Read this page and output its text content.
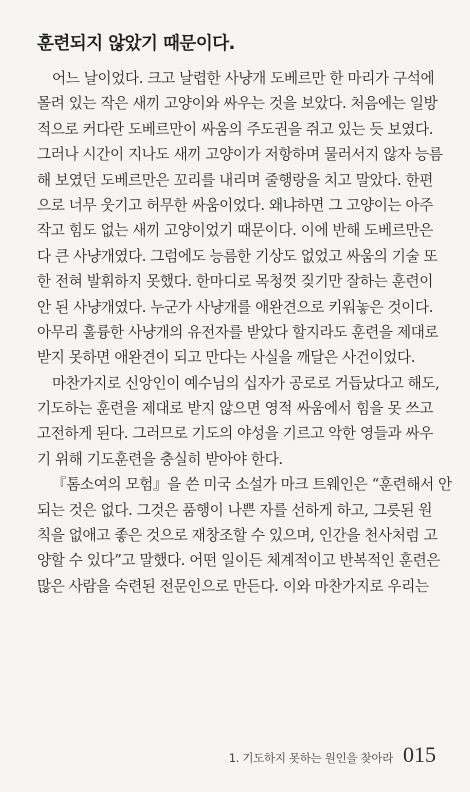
훈련되지 않았기 때문이다.
어느 날이었다. 크고 날렵한 사냥개 도베르만 한 마리가 구석에
몰려 있는 작은 새끼 고양이와 싸우는 것을 보았다. 처음에는 일방
적으로 커다란 도베르만이 싸움의 주도권을 쥐고 있는 듯 보였다.
그러나 시간이 지나도 새끼 고양이가 저항하며 물러서지 않자 능름
해 보였던 도베르만은 꼬리를 내리며 줄행랑을 치고 말았다. 한편
으로 너무 웃기고 허무한 싸움이었다. 왜냐하면 그 고양이는 아주
작고 힘도 없는 새끼 고양이었기 때문이다. 이에 반해 도베르만은
다 큰 사냥개였다. 그럼에도 능름한 기상도 없었고 싸움의 기술 또
한 전혀 발휘하지 못했다. 한마디로 목청껏 짖기만 잘하는 훈련이
안 된 사냥개였다. 누군가 사냥개를 애완견으로 키워놓은 것이다.
아무리 훌륭한 사냥개의 유전자를 받았다 할지라도 훈련을 제대로
받지 못하면 애완견이 되고 만다는 사실을 깨달은 사건이었다.
마찬가지로 신앙인이 예수님의 십자가 공로로 거듭났다고 해도,
기도하는 훈련을 제대로 받지 않으면 영적 싸움에서 힘을 못 쓰고
고전하게 된다. 그러므로 기도의 야성을 기르고 악한 영들과 싸우
기 위해 기도훈련을 충실히 받아야 한다.
『톰소여의 모험』을 쓴 미국 소설가 마크 트웨인은 “훈련해서 안
되는 것은 없다. 그것은 품행이 나쁜 자를 선하게 하고, 그릇된 원
칙을 없애고 좋은 것으로 재창조할 수 있으며, 인간을 천사처럼 고
양할 수 있다”고 말했다. 어떤 일이든 체계적이고 반복적인 훈련은
많은 사람을 숙련된 전문인으로 만든다. 이와 마찬가지로 우리는
1. 기도하지 못하는 원인을 찾아라 015
